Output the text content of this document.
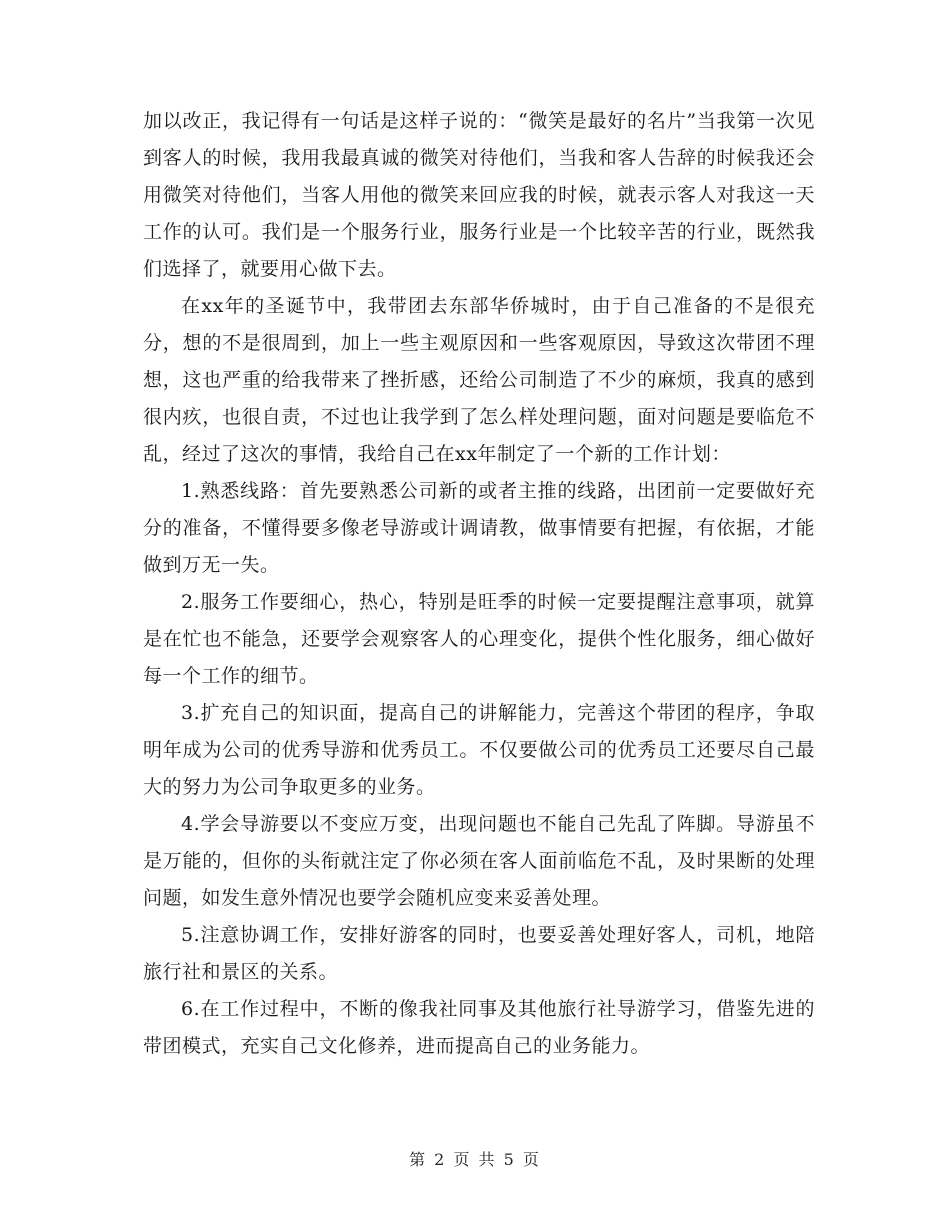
加以改正，我记得有一句话是这样子说的：“微笑是最好的名片”当我第一次见到客人的时候，我用我最真诚的微笑对待他们，当我和客人告辞的时候我还会用微笑对待他们，当客人用他的微笑来回应我的时候，就表示客人对我这一天工作的认可。我们是一个服务行业，服务行业是一个比较辛苦的行业，既然我们选择了，就要用心做下去。

在xx年的圣诞节中，我带团去东部华侨城时，由于自己准备的不是很充分，想的不是很周到，加上一些主观原因和一些客观原因，导致这次带团不理想，这也严重的给我带来了挫折感，还给公司制造了不少的麻烦，我真的感到很内疚，也很自责，不过也让我学到了怎么样处理问题，面对问题是要临危不乱，经过了这次的事情，我给自己在xx年制定了一个新的工作计划：

1.熟悉线路：首先要熟悉公司新的或者主推的线路，出团前一定要做好充分的准备，不懂得要多像老导游或计调请教，做事情要有把握，有依据，才能做到万无一失。

2.服务工作要细心，热心，特别是旺季的时候一定要提醒注意事项，就算是在忙也不能急，还要学会观察客人的心理变化，提供个性化服务，细心做好每一个工作的细节。

3.扩充自己的知识面，提高自己的讲解能力，完善这个带团的程序，争取明年成为公司的优秀导游和优秀员工。不仅要做公司的优秀员工还要尽自己最大的努力为公司争取更多的业务。

4.学会导游要以不变应万变，出现问题也不能自己先乱了阵脚。导游虽不是万能的，但你的头衔就注定了你必须在客人面前临危不乱，及时果断的处理问题，如发生意外情况也要学会随机应变来妥善处理。

5.注意协调工作，安排好游客的同时，也要妥善处理好客人，司机，地陪旅行社和景区的关系。

6.在工作过程中，不断的像我社同事及其他旅行社导游学习，借鉴先进的带团模式，充实自己文化修养，进而提高自己的业务能力。

第 2 页 共 5 页
